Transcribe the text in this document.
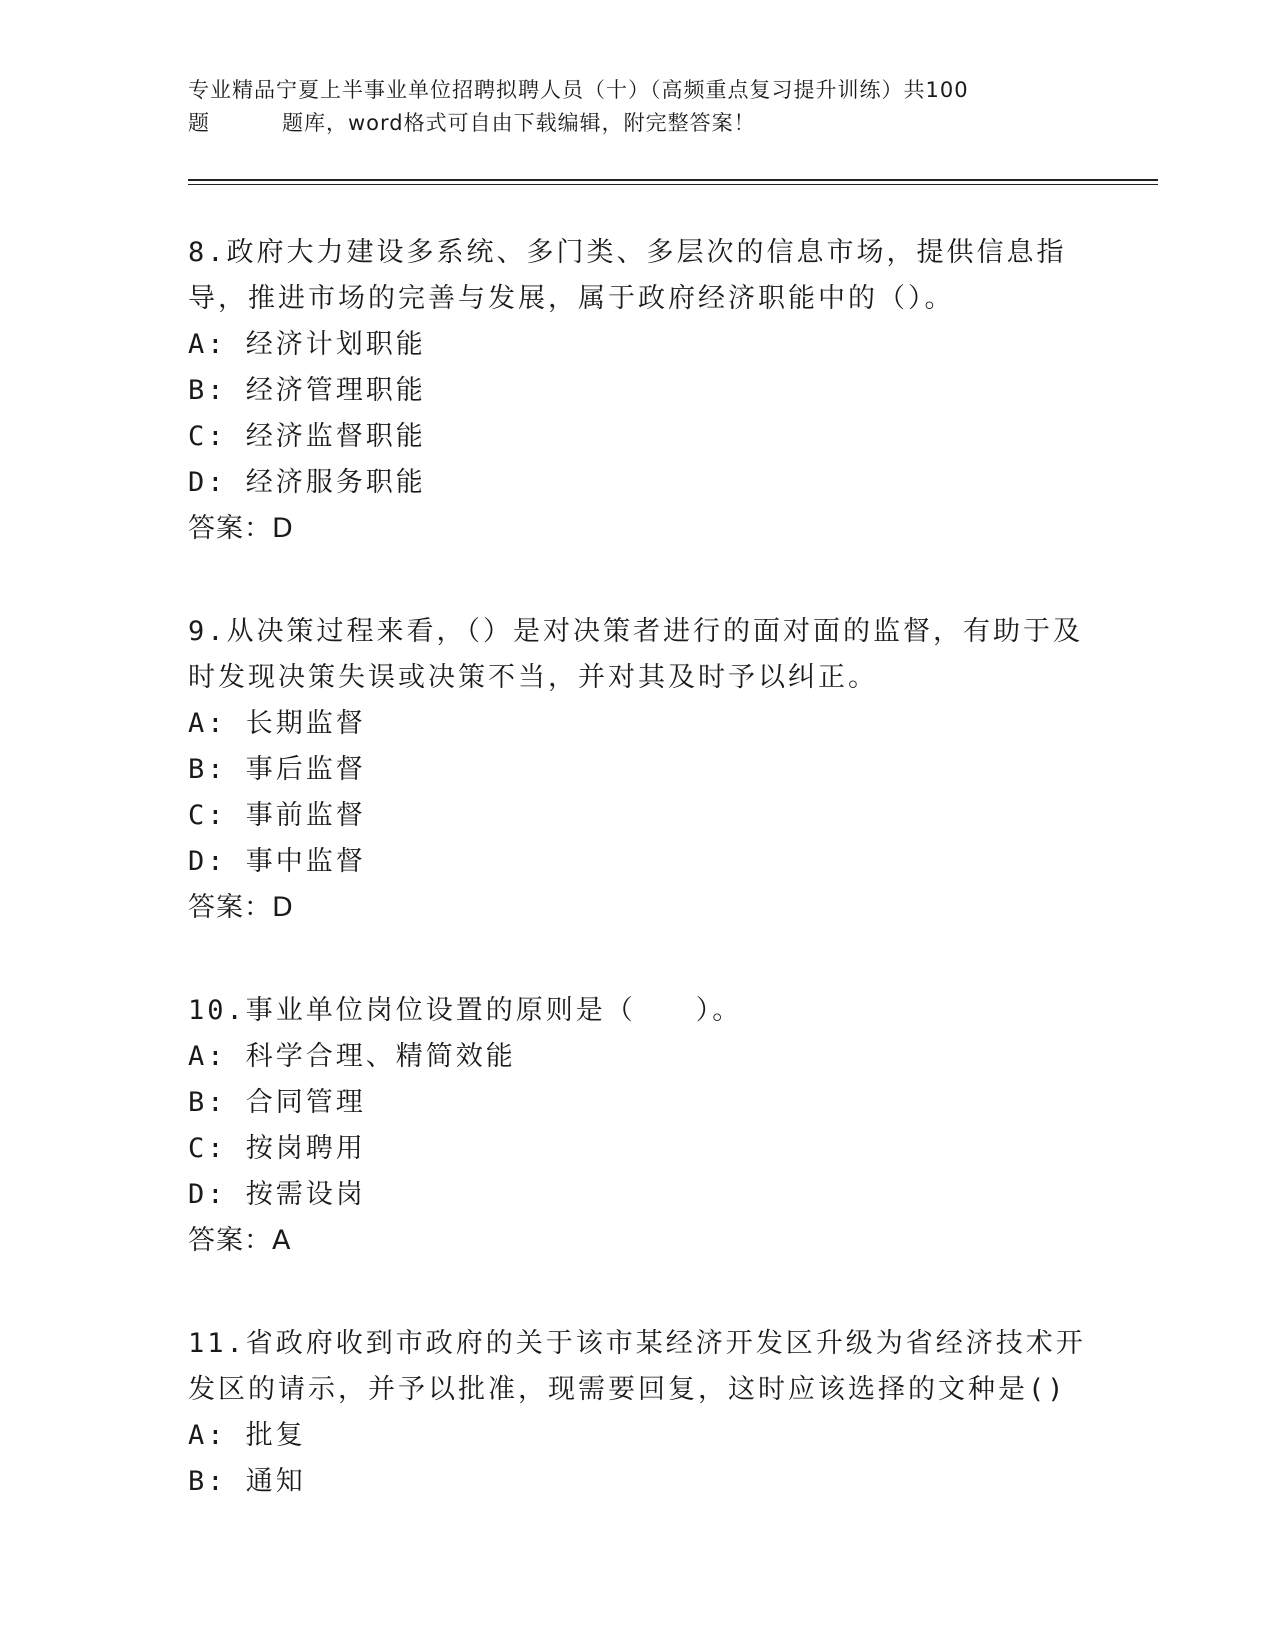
专业精品宁夏上半事业单位招聘拟聘人员（十）（高频重点复习提升训练）共100

题	题库，word格式可自由下载编辑，附完整答案！
8.政府大力建设多系统、多门类、多层次的信息市场，提供信息指导，推进市场的完善与发展，属于政府经济职能中的（）。
A: 经济计划职能
B: 经济管理职能
C: 经济监督职能
D: 经济服务职能
答案：D
9.从决策过程来看，（）是对决策者进行的面对面的监督，有助于及时发现决策失误或决策不当，并对其及时予以纠正。
A: 长期监督
B: 事后监督
C: 事前监督
D: 事中监督
答案：D
10.事业单位岗位设置的原则是（　　）。
A: 科学合理、精简效能
B: 合同管理
C: 按岗聘用
D: 按需设岗
答案：A
11.省政府收到市政府的关于该市某经济开发区升级为省经济技术开发区的请示，并予以批准，现需要回复，这时应该选择的文种是()
A: 批复
B: 通知
